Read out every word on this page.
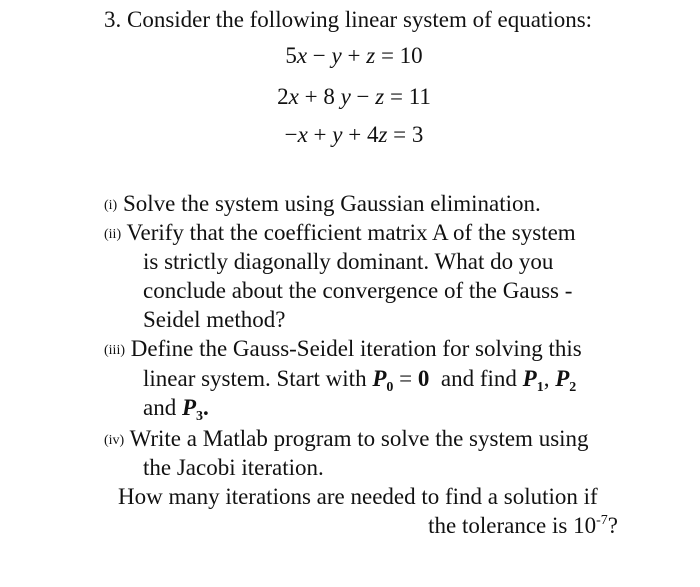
3. Consider the following linear system of equations:
5x − y + z = 10
2x + 8 y − z = 11
−x + y + 4z = 3
(i) Solve the system using Gaussian elimination.
(ii) Verify that the coefficient matrix A of the system
is strictly diagonally dominant. What do you
conclude about the convergence of the Gauss -
Seidel method?
(iii) Define the Gauss-Seidel iteration for solving this
linear system. Start with $P_0 = 0$ and find $P_1$, $P_2$
and $P_3$.
(iv) Write a Matlab program to solve the system using
the Jacobi iteration.
How many iterations are needed to find a solution if
the tolerance is $10^{-7}$?
